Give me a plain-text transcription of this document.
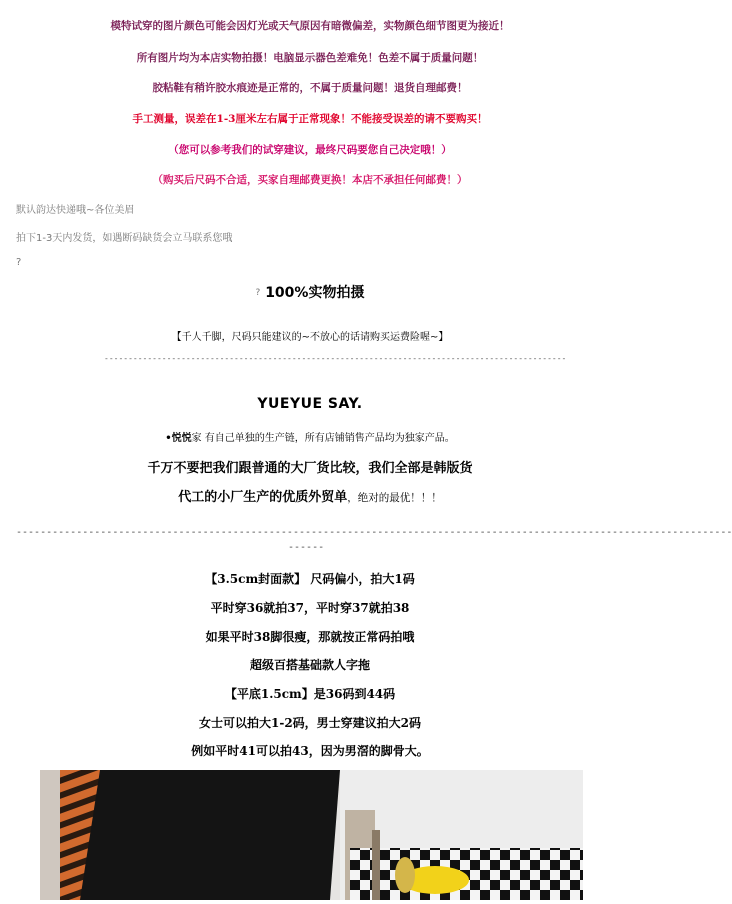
模特试穿的图片颜色可能会因灯光或天气原因有暗微偏差，实物颜色细节图更为接近！
所有图片均为本店实物拍摄！电脑显示器色差难免！色差不属于质量问题！
胶粘鞋有稍许胶水痕迹是正常的，不属于质量问题！退货自理邮费！
手工测量，误差在1-3厘米左右属于正常现象！不能接受误差的请不要购买！
（您可以参考我们的试穿建议，最终尺码要您自己决定哦！）
（购买后尺码不合适，买家自理邮费更换！本店不承担任何邮费！）
默认韵达快递哦~各位美眉
拍下1-3天内发货，如遇断码缺货会立马联系您哦
?
? 100%实物拍摄
【千人千脚，尺码只能建议的~不放心的话请购买运费险喔~】
------------------------------------------------------------------------------------------------
YUEYUE SAY.
•悦悦家 有自己单独的生产链，所有店铺销售产品均为独家产品。
千万不要把我们跟普通的大厂货比较，我们全部是韩版货
代工的小厂生产的优质外贸单，绝对的最优！！！
-----------------------------------------------------------------------------------------------------------------------
------
【3.5cm封面款】 尺码偏小，拍大1码
平时穿36就拍37，平时穿37就拍38
如果平时38脚很瘦，那就按正常码拍哦
超级百搭基础款人字拖
【平底1.5cm】是36码到44码
女士可以拍大1-2码，男士穿建议拍大2码
例如平时41可以拍43，因为男滘的脚骨大。
